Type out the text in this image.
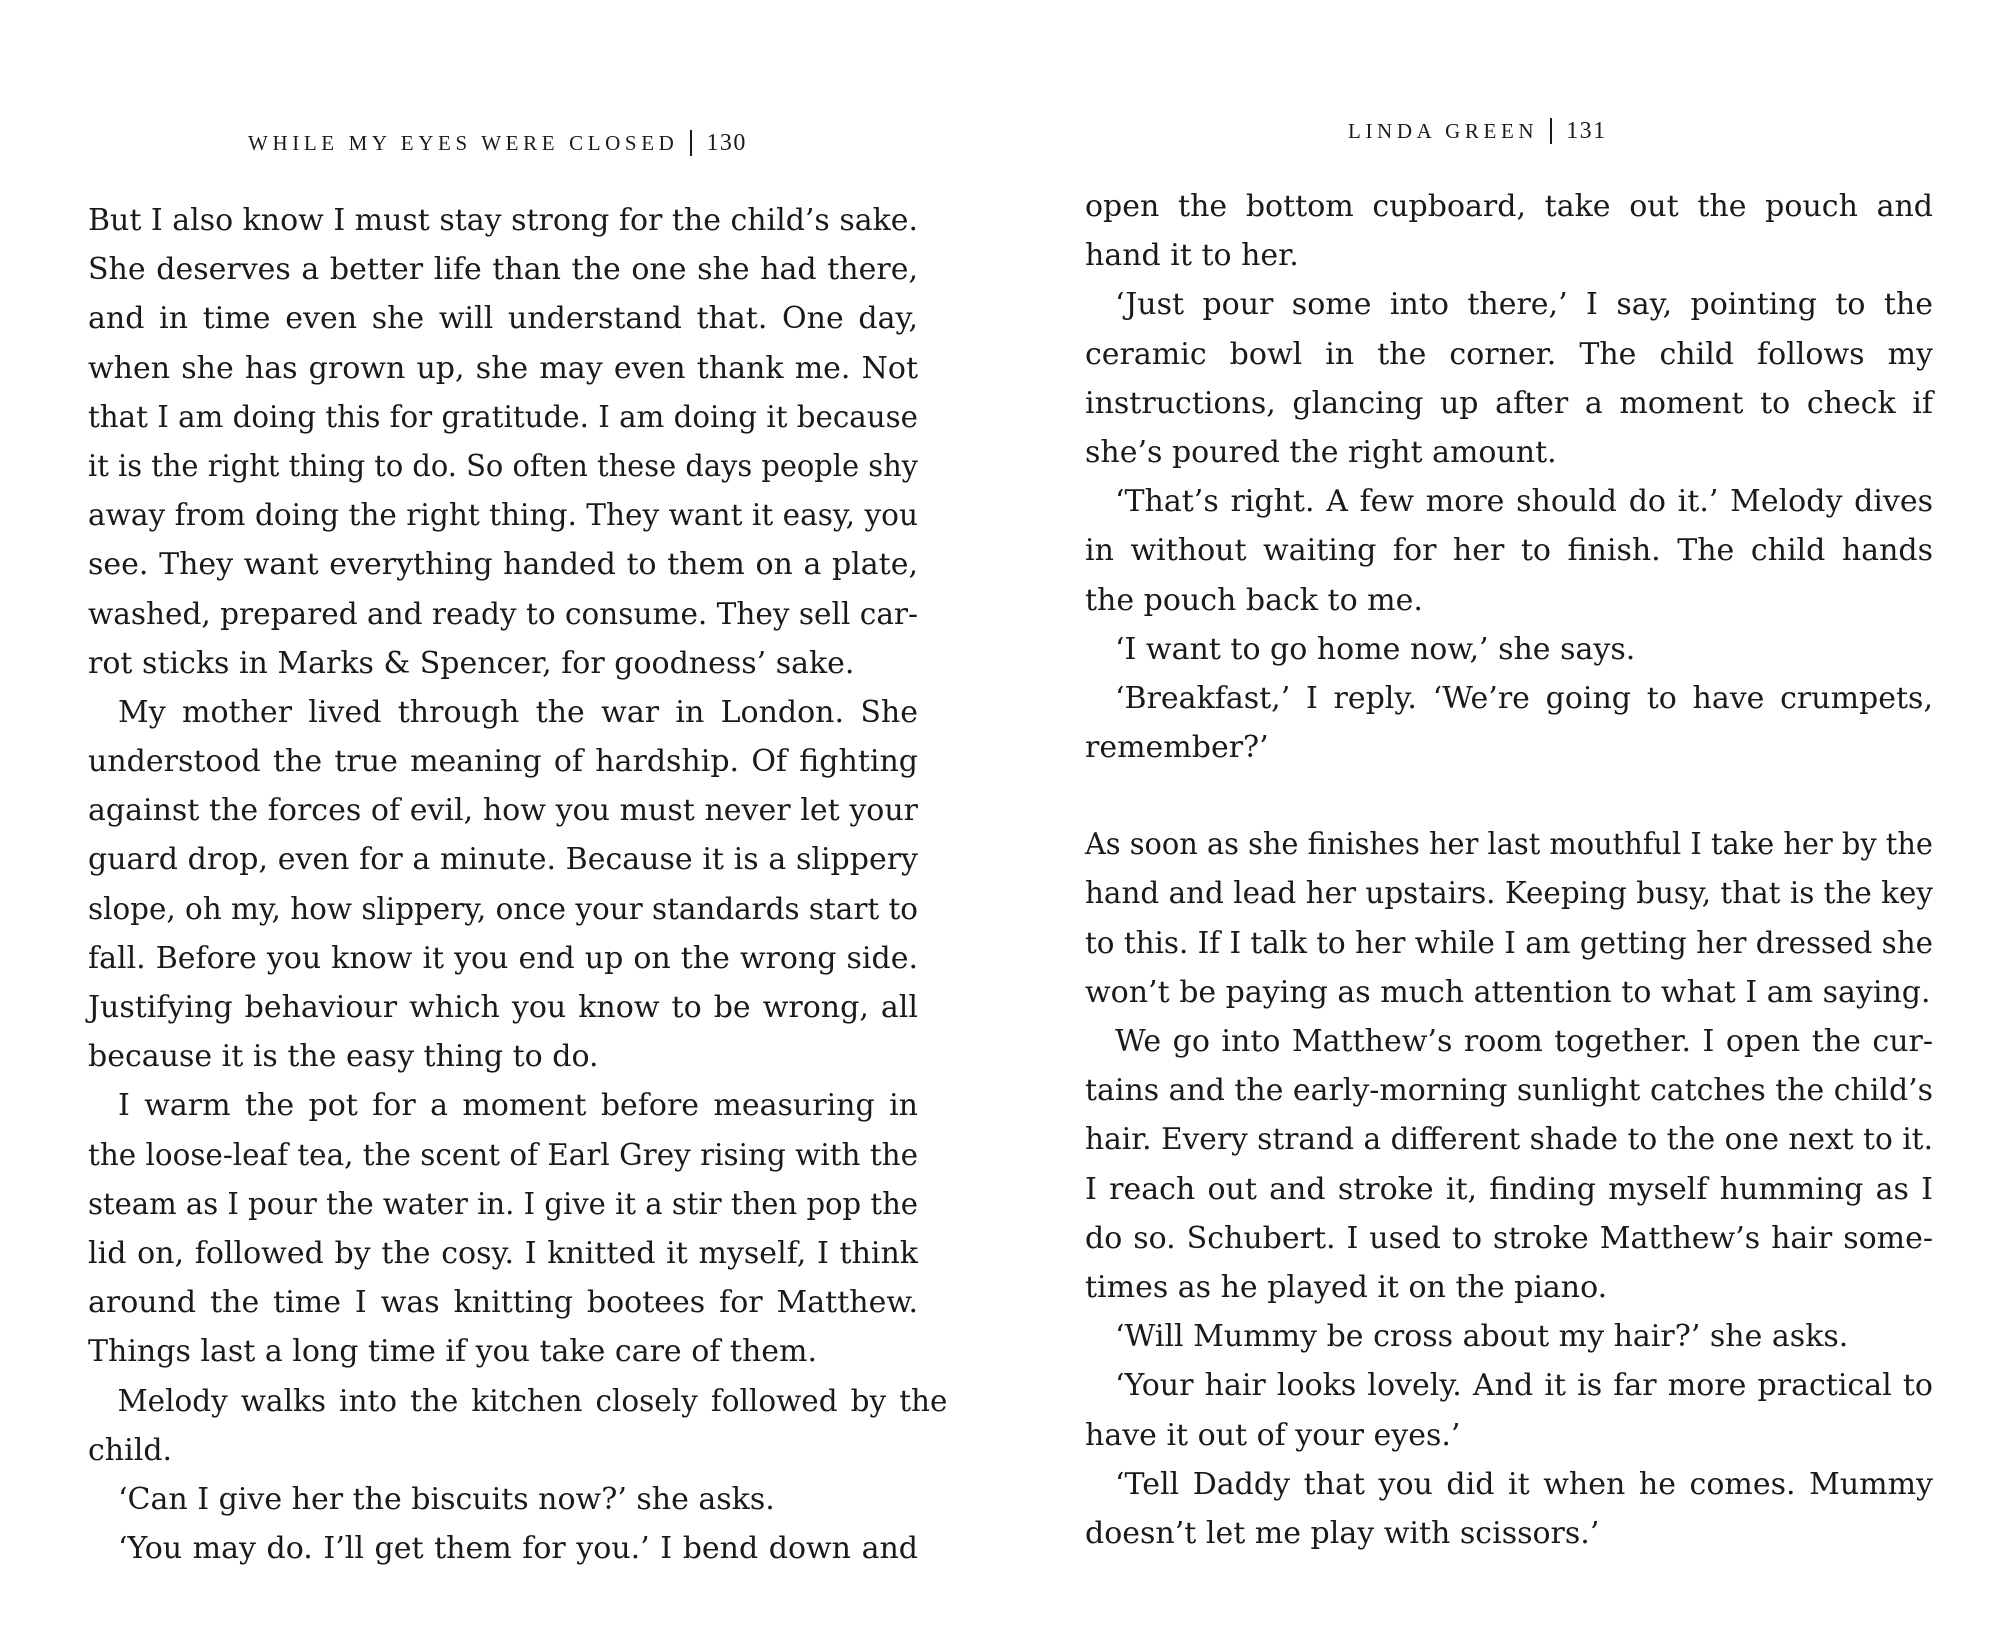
WHILE MY EYES WERE CLOSED 130
But I also know I must stay strong for the child’s sake.
She deserves a better life than the one she had there,
and in time even she will understand that. One day,
when she has grown up, she may even thank me. Not
that I am doing this for gratitude. I am doing it because
it is the right thing to do. So often these days people shy
away from doing the right thing. They want it easy, you
see. They want everything handed to them on a plate,
washed, prepared and ready to consume. They sell car-
rot sticks in Marks & Spencer, for goodness’ sake.
My mother lived through the war in London. She
understood the true meaning of hardship. Of fighting
against the forces of evil, how you must never let your
guard drop, even for a minute. Because it is a slippery
slope, oh my, how slippery, once your standards start to
fall. Before you know it you end up on the wrong side.
Justifying behaviour which you know to be wrong, all
because it is the easy thing to do.
I warm the pot for a moment before measuring in
the loose-leaf tea, the scent of Earl Grey rising with the
steam as I pour the water in. I give it a stir then pop the
lid on, followed by the cosy. I knitted it myself, I think
around the time I was knitting bootees for Matthew.
Things last a long time if you take care of them.
Melody walks into the kitchen closely followed by the
child.
‘Can I give her the biscuits now?’ she asks.
‘You may do. I’ll get them for you.’ I bend down and
LINDA GREEN 131
open the bottom cupboard, take out the pouch and
hand it to her.
‘Just pour some into there,’ I say, pointing to the
ceramic bowl in the corner. The child follows my
instructions, glancing up after a moment to check if
she’s poured the right amount.
‘That’s right. A few more should do it.’ Melody dives
in without waiting for her to finish. The child hands
the pouch back to me.
‘I want to go home now,’ she says.
‘Breakfast,’ I reply. ‘We’re going to have crumpets,
remember?’
As soon as she finishes her last mouthful I take her by the
hand and lead her upstairs. Keeping busy, that is the key
to this. If I talk to her while I am getting her dressed she
won’t be paying as much attention to what I am saying.
We go into Matthew’s room together. I open the cur-
tains and the early-morning sunlight catches the child’s
hair. Every strand a different shade to the one next to it.
I reach out and stroke it, finding myself humming as I
do so. Schubert. I used to stroke Matthew’s hair some-
times as he played it on the piano.
‘Will Mummy be cross about my hair?’ she asks.
‘Your hair looks lovely. And it is far more practical to
have it out of your eyes.’
‘Tell Daddy that you did it when he comes. Mummy
doesn’t let me play with scissors.’
